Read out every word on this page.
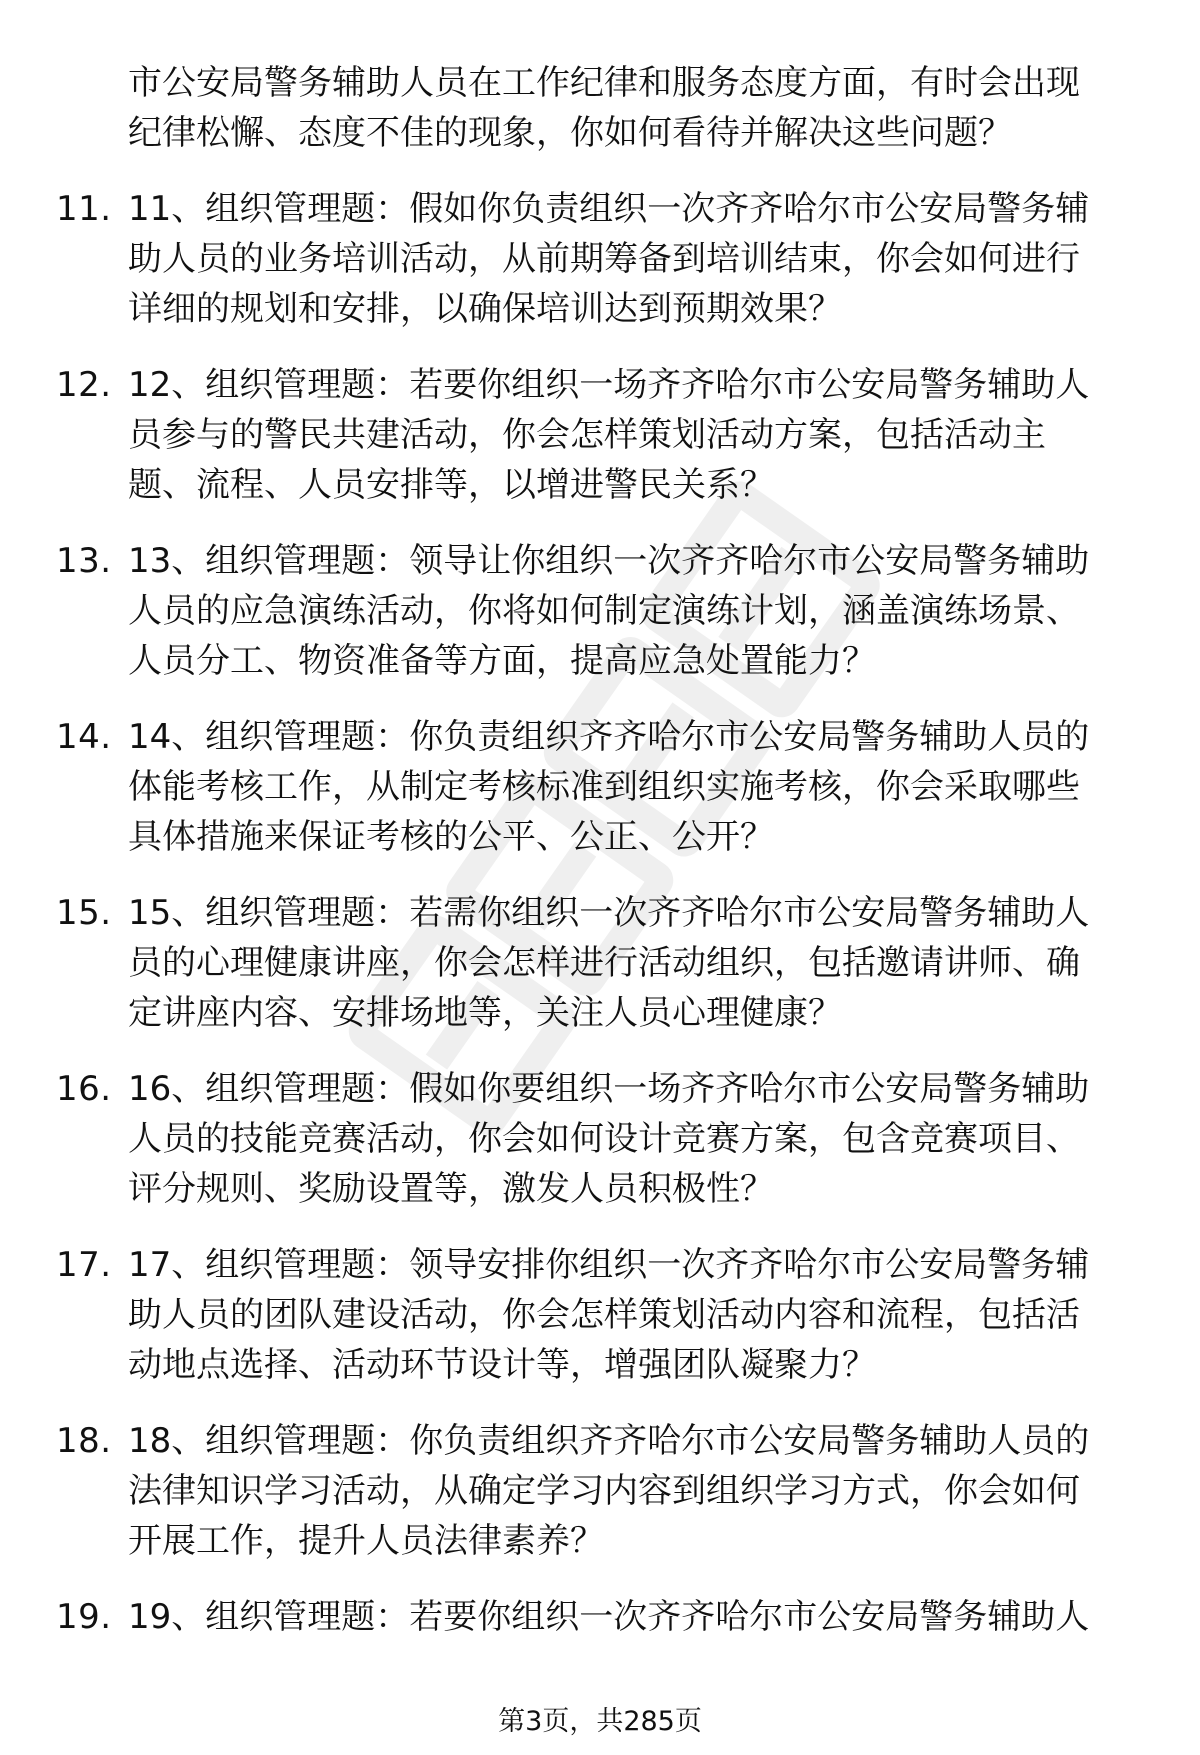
市公安局警务辅助人员在工作纪律和服务态度方面，有时会出现
纪律松懈、态度不佳的现象，你如何看待并解决这些问题？
11. 11、组织管理题：假如你负责组织一次齐齐哈尔市公安局警务辅
助人员的业务培训活动，从前期筹备到培训结束，你会如何进行
详细的规划和安排，以确保培训达到预期效果？
12. 12、组织管理题：若要你组织一场齐齐哈尔市公安局警务辅助人
员参与的警民共建活动，你会怎样策划活动方案，包括活动主
题、流程、人员安排等，以增进警民关系？
13. 13、组织管理题：领导让你组织一次齐齐哈尔市公安局警务辅助
人员的应急演练活动，你将如何制定演练计划，涵盖演练场景、
人员分工、物资准备等方面，提高应急处置能力？
14. 14、组织管理题：你负责组织齐齐哈尔市公安局警务辅助人员的
体能考核工作，从制定考核标准到组织实施考核，你会采取哪些
具体措施来保证考核的公平、公正、公开？
15. 15、组织管理题：若需你组织一次齐齐哈尔市公安局警务辅助人
员的心理健康讲座，你会怎样进行活动组织，包括邀请讲师、确
定讲座内容、安排场地等，关注人员心理健康？
16. 16、组织管理题：假如你要组织一场齐齐哈尔市公安局警务辅助
人员的技能竞赛活动，你会如何设计竞赛方案，包含竞赛项目、
评分规则、奖励设置等，激发人员积极性？
17. 17、组织管理题：领导安排你组织一次齐齐哈尔市公安局警务辅
助人员的团队建设活动，你会怎样策划活动内容和流程，包括活
动地点选择、活动环节设计等，增强团队凝聚力？
18. 18、组织管理题：你负责组织齐齐哈尔市公安局警务辅助人员的
法律知识学习活动，从确定学习内容到组织学习方式，你会如何
开展工作，提升人员法律素养？
19. 19、组织管理题：若要你组织一次齐齐哈尔市公安局警务辅助人
第3页，共285页
